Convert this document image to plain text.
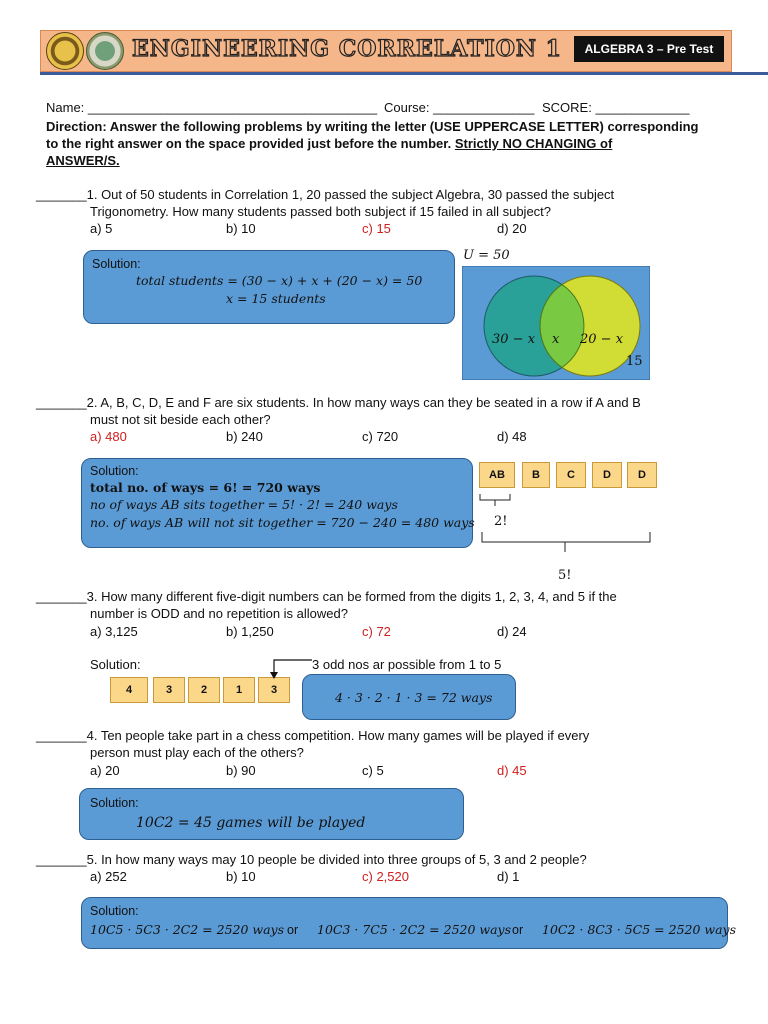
ENGINEERING CORRELATION 1	ALGEBRA 3 – Pre Test
Name: ________________________________________ Course: ______________ SCORE: _____________
Direction: Answer the following problems by writing the letter (USE UPPERCASE LETTER) corresponding
to the right answer on the space provided just before the number. Strictly NO CHANGING of
ANSWER/S.
_______1. Out of 50 students in Correlation 1, 20 passed the subject Algebra, 30 passed the subject
Trigonometry. How many students passed both subject if 15 failed in all subject?
a) 5	b) 10	c) 15	d) 20
Solution:
total students = (30 − x) + x + (20 − x) = 50
x = 15 students
U = 50
30 − x x 20 − x
15
_______2. A, B, C, D, E and F are six students. In how many ways can they be seated in a row if A and B
must not sit beside each other?
a) 480	b) 240	c) 720	d) 48
Solution:
total no. of ways = 6! = 720 ways
no of ways AB sits together = 5! · 2! = 240 ways
no. of ways AB will not sit together = 720 − 240 = 480 ways
AB	B	C	D	D
2!
5!
_______3. How many different five-digit numbers can be formed from the digits 1, 2, 3, 4, and 5 if the
number is ODD and no repetition is allowed?
a) 3,125	b) 1,250	c) 72	d) 24
Solution:
4	3	2	1	3
3 odd nos ar possible from 1 to 5
4 · 3 · 2 · 1 · 3 = 72 ways
_______4. Ten people take part in a chess competition. How many games will be played if every
person must play each of the others?
a) 20	b) 90	c) 5	d) 45
Solution:
10C2 = 45 games will be played
_______5. In how many ways may 10 people be divided into three groups of 5, 3 and 2 people?
a) 252	b) 10	c) 2,520	d) 1
Solution:
10C5 · 5C3 · 2C2 = 2520 ways or 10C3 · 7C5 · 2C2 = 2520 ways or 10C2 · 8C3 · 5C5 = 2520 ways
